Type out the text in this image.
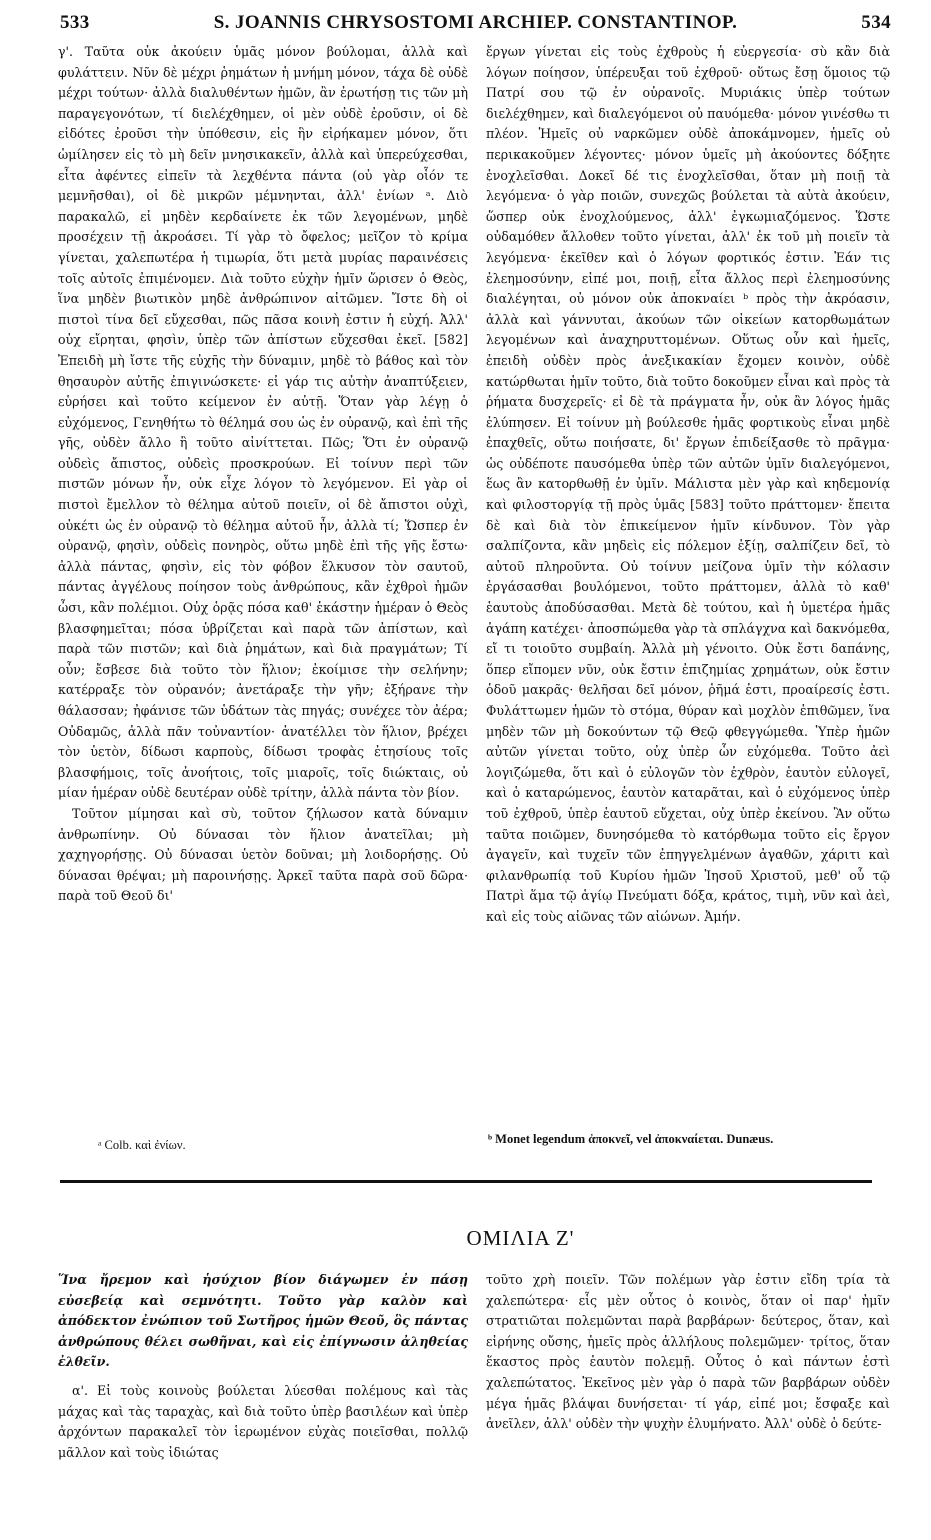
533	S. JOANNIS CHRYSOSTOMI ARCHIEP. CONSTANTINOP.	534

γ'. Ταῦτα οὐκ ἀκούειν ὑμᾶς μόνον βούλομαι, ἀλλὰ καὶ φυλάττειν. Νῦν δὲ μέχρι ῥημάτων ἡ μνήμη μόνον, τάχα δὲ οὐδὲ μέχρι τούτων· ἀλλὰ διαλυθέντων ἡμῶν, ἂν ἐρωτήσῃ τις τῶν μὴ παραγεγονότων, τί διελέχθημεν, οἱ μὲν οὐδὲ ἐροῦσιν, οἱ δὲ εἰδότες ἐροῦσι τὴν ὑπόθεσιν, εἰς ἣν εἰρήκαμεν μόνον, ὅτι ὡμίλησεν εἰς τὸ μὴ δεῖν μνησικακεῖν, ἀλλὰ καὶ ὑπερεύχεσθαι, εἶτα ἀφέντες εἰπεῖν τὰ λεχθέντα πάντα (οὐ γὰρ οἷόν τε μεμνῆσθαι), οἱ δὲ μικρῶν μέμνηνται, ἀλλ' ἐνίων ᵃ. Διὸ παρακαλῶ, εἰ μηδὲν κερδαίνετε ἐκ τῶν λεγομένων, μηδὲ προσέχειν τῇ ἀκροάσει. Τί γὰρ τὸ ὄφελος; μεῖζον τὸ κρίμα γίνεται, χαλεπωτέρα ἡ τιμωρία, ὅτι μετὰ μυρίας παραινέσεις τοῖς αὐτοῖς ἐπιμένομεν. Διὰ τοῦτο εὐχὴν ἡμῖν ὥρισεν ὁ Θεὸς, ἵνα μηδὲν βιωτικὸν μηδὲ ἀνθρώπινον αἰτῶμεν. Ἴστε δὴ οἱ πιστοὶ τίνα δεῖ εὔχεσθαι, πῶς πᾶσα κοινὴ ἐστιν ἡ εὐχή. Ἀλλ' οὐχ εἴρηται, φησὶν, ὑπὲρ τῶν ἀπίστων εὔχεσθαι ἐκεῖ. [582] Ἐπειδὴ μὴ ἴστε τῆς εὐχῆς τὴν δύναμιν, μηδὲ τὸ βάθος καὶ τὸν θησαυρὸν αὐτῆς ἐπιγινώσκετε· εἰ γάρ τις αὐτὴν ἀναπτύξειεν, εὑρήσει καὶ τοῦτο κείμενον ἐν αὐτῇ. Ὅταν γὰρ λέγῃ ὁ εὐχόμενος, Γενηθήτω τὸ θέλημά σου ὡς ἐν οὐρανῷ, καὶ ἐπὶ τῆς γῆς, οὐδὲν ἄλλο ἢ τοῦτο αἰνίττεται. Πῶς; Ὅτι ἐν οὐρανῷ οὐδεὶς ἄπιστος, οὐδεὶς προσκρούων. Εἰ τοίνυν περὶ τῶν πιστῶν μόνων ἦν, οὐκ εἶχε λόγον τὸ λεγόμενον. Εἰ γὰρ οἱ πιστοὶ ἔμελλον τὸ θέλημα αὐτοῦ ποιεῖν, οἱ δὲ ἄπιστοι οὐχὶ, οὐκέτι ὡς ἐν οὐρανῷ τὸ θέλημα αὐτοῦ ἦν, ἀλλὰ τί; Ὥσπερ ἐν οὐρανῷ, φησὶν, οὐδεὶς πονηρὸς, οὕτω μηδὲ ἐπὶ τῆς γῆς ἔστω· ἀλλὰ πάντας, φησὶν, εἰς τὸν φόβον ἕλκυσον τὸν σαυτοῦ, πάντας ἀγγέλους ποίησον τοὺς ἀνθρώπους, κἂν ἐχθροὶ ἡμῶν ὦσι, κἂν πολέμιοι. Οὐχ ὁρᾷς πόσα καθ' ἑκάστην ἡμέραν ὁ Θεὸς βλασφημεῖται; πόσα ὑβρίζεται καὶ παρὰ τῶν ἀπίστων, καὶ παρὰ τῶν πιστῶν; καὶ διὰ ῥημάτων, καὶ διὰ πραγμάτων; Τί οὖν; ἔσβεσε διὰ τοῦτο τὸν ἥλιον; ἐκοίμισε τὴν σελήνην; κατέρραξε τὸν οὐρανόν; ἀνετάραξε τὴν γῆν; ἐξήρανε τὴν θάλασσαν; ἠφάνισε τῶν ὑδάτων τὰς πηγάς; συνέχεε τὸν ἀέρα; Οὐδαμῶς, ἀλλὰ πᾶν τοὐναντίον· ἀνατέλλει τὸν ἥλιον, βρέχει τὸν ὑετὸν, δίδωσι καρποὺς, δίδωσι τροφὰς ἐτησίους τοῖς βλασφήμοις, τοῖς ἀνοήτοις, τοῖς μιαροῖς, τοῖς διώκταις, οὐ μίαν ἡμέραν οὐδὲ δευτέραν οὐδὲ τρίτην, ἀλλὰ πάντα τὸν βίον.

Τοῦτον μίμησαι καὶ σὺ, τοῦτον ζήλωσον κατὰ δύναμιν ἀνθρωπίνην. Οὐ δύνασαι τὸν ἥλιον ἀνατεῖλαι; μὴ χαχηγορήσῃς. Οὐ δύνασαι ὑετὸν δοῦναι; μὴ λοιδορήσῃς. Οὐ δύνασαι θρέψαι; μὴ παροινήσῃς. Ἀρκεῖ ταῦτα παρὰ σοῦ δῶρα· παρὰ τοῦ Θεοῦ δι'

ἔργων γίνεται εἰς τοὺς ἐχθροὺς ἡ εὐεργεσία· σὺ κἂν διὰ λόγων ποίησον, ὑπέρευξαι τοῦ ἐχθροῦ· οὕτως ἔσῃ ὅμοιος τῷ Πατρί σου τῷ ἐν οὐρανοῖς. Μυριάκις ὑπὲρ τούτων διελέχθημεν, καὶ διαλεγόμενοι οὐ παυόμεθα· μόνον γινέσθω τι πλέον. Ἡμεῖς οὐ ναρκῶμεν οὐδὲ ἀποκάμνομεν, ἡμεῖς οὐ περικακοῦμεν λέγοντες· μόνον ὑμεῖς μὴ ἀκούοντες δόξητε ἐνοχλεῖσθαι. Δοκεῖ δέ τις ἐνοχλεῖσθαι, ὅταν μὴ ποιῇ τὰ λεγόμενα· ὁ γὰρ ποιῶν, συνεχῶς βούλεται τὰ αὐτὰ ἀκούειν, ὥσπερ οὐκ ἐνοχλούμενος, ἀλλ' ἐγκωμιαζόμενος. Ὥστε οὐδαμόθεν ἄλλοθεν τοῦτο γίνεται, ἀλλ' ἐκ τοῦ μὴ ποιεῖν τὰ λεγόμενα· ἐκεῖθεν καὶ ὁ λόγων φορτικός ἐστιν. Ἐάν τις ἐλεημοσύνην, εἰπέ μοι, ποιῇ, εἶτα ἄλλος περὶ ἐλεημοσύνης διαλέγηται, οὐ μόνον οὐκ ἀποκναίει ᵇ πρὸς τὴν ἀκρόασιν, ἀλλὰ καὶ γάννυται, ἀκούων τῶν οἰκείων κατορθωμάτων λεγομένων καὶ ἀναχηρυττομένων. Οὕτως οὖν καὶ ἡμεῖς, ἐπειδὴ οὐδὲν πρὸς ἀνεξικακίαν ἔχομεν κοινὸν, οὐδὲ κατώρθωται ἡμῖν τοῦτο, διὰ τοῦτο δοκοῦμεν εἶναι καὶ πρὸς τὰ ῥήματα δυσχερεῖς· εἰ δὲ τὰ πράγματα ἦν, οὐκ ἂν λόγος ἡμᾶς ἐλύπησεν. Εἰ τοίνυν μὴ βούλεσθε ἡμᾶς φορτικοὺς εἶναι μηδὲ ἐπαχθεῖς, οὕτω ποιήσατε, δι' ἔργων ἐπιδείξασθε τὸ πρᾶγμα· ὡς οὐδέποτε παυσόμεθα ὑπὲρ τῶν αὐτῶν ὑμῖν διαλεγόμενοι, ἕως ἂν κατορθωθῇ ἐν ὑμῖν. Μάλιστα μὲν γὰρ καὶ κηδεμονίᾳ καὶ φιλοστοργίᾳ τῇ πρὸς ὑμᾶς [583] τοῦτο πράττομεν· ἔπειτα δὲ καὶ διὰ τὸν ἐπικείμενον ἡμῖν κίνδυνον. Τὸν γὰρ σαλπίζοντα, κἂν μηδεὶς εἰς πόλεμον ἐξίῃ, σαλπίζειν δεῖ, τὸ αὐτοῦ πληροῦντα. Οὐ τοίνυν μείζονα ὑμῖν τὴν κόλασιν ἐργάσασθαι βουλόμενοι, τοῦτο πράττομεν, ἀλλὰ τὸ καθ' ἑαυτοὺς ἀποδύσασθαι. Μετὰ δὲ τούτου, καὶ ἡ ὑμετέρα ἡμᾶς ἀγάπη κατέχει· ἀποσπώμεθα γὰρ τὰ σπλάγχνα καὶ δακνόμεθα, εἴ τι τοιοῦτο συμβαίη. Ἀλλὰ μὴ γένοιτο. Οὐκ ἔστι δαπάνης, ὅπερ εἴπομεν νῦν, οὐκ ἔστιν ἐπιζημίας χρημάτων, οὐκ ἔστιν ὁδοῦ μακρᾶς· θελῆσαι δεῖ μόνον, ῥῆμά ἐστι, προαίρεσίς ἐστι. Φυλάττωμεν ἡμῶν τὸ στόμα, θύραν καὶ μοχλὸν ἐπιθῶμεν, ἵνα μηδὲν τῶν μὴ δοκούντων τῷ Θεῷ φθεγγώμεθα. Ὑπὲρ ἡμῶν αὐτῶν γίνεται τοῦτο, οὐχ ὑπὲρ ὧν εὐχόμεθα. Τοῦτο ἀεὶ λογιζώμεθα, ὅτι καὶ ὁ εὐλογῶν τὸν ἐχθρὸν, ἑαυτὸν εὐλογεῖ, καὶ ὁ καταρώμενος, ἑαυτὸν καταρᾶται, καὶ ὁ εὐχόμενος ὑπὲρ τοῦ ἐχθροῦ, ὑπὲρ ἑαυτοῦ εὔχεται, οὐχ ὑπὲρ ἐκείνου. Ἂν οὕτω ταῦτα ποιῶμεν, δυνησόμεθα τὸ κατόρθωμα τοῦτο εἰς ἔργον ἀγαγεῖν, καὶ τυχεῖν τῶν ἐπηγγελμένων ἀγαθῶν, χάριτι καὶ φιλανθρωπίᾳ τοῦ Κυρίου ἡμῶν Ἰησοῦ Χριστοῦ, μεθ' οὗ τῷ Πατρὶ ἅμα τῷ ἁγίῳ Πνεύματι δόξα, κράτος, τιμὴ, νῦν καὶ ἀεὶ, καὶ εἰς τοὺς αἰῶνας τῶν αἰώνων. Ἀμήν.

ᵃ Colb. καὶ ἐνίων.	ᵇ Monet legendum ἀποκνεῖ, vel ἀποκναίεται. Dunæus.
ΟΜΙΛΙΑ Ζ'

Ἵνα ἤρεμον καὶ ἡσύχιον βίον διάγωμεν ἐν πάσῃ εὐσεβείᾳ καὶ σεμνότητι. Τοῦτο γὰρ καλὸν καὶ ἀπόδεκτον ἐνώπιον τοῦ Σωτῆρος ἡμῶν Θεοῦ, ὃς πάντας ἀνθρώπους θέλει σωθῆναι, καὶ εἰς ἐπίγνωσιν ἀληθείας ἐλθεῖν.

α'. Εἰ τοὺς κοινοὺς βούλεται λύεσθαι πολέμους καὶ τὰς μάχας καὶ τὰς ταραχὰς, καὶ διὰ τοῦτο ὑπὲρ βασιλέων καὶ ὑπὲρ ἀρχόντων παρακαλεῖ τὸν ἱερωμένον εὐχὰς ποιεῖσθαι, πολλῷ μᾶλλον καὶ τοὺς ἰδιώτας

τοῦτο χρὴ ποιεῖν. Τῶν πολέμων γὰρ ἐστιν εἴδη τρία τὰ χαλεπώτερα· εἷς μὲν οὗτος ὁ κοινὸς, ὅταν οἱ παρ' ἡμῖν στρατιῶται πολεμῶνται παρὰ βαρβάρων· δεύτερος, ὅταν, καὶ εἰρήνης οὔσης, ἡμεῖς πρὸς ἀλλήλους πολεμῶμεν· τρίτος, ὅταν ἕκαστος πρὸς ἑαυτὸν πολεμῇ. Οὗτος ὁ καὶ πάντων ἐστὶ χαλεπώτατος. Ἐκεῖνος μὲν γὰρ ὁ παρὰ τῶν βαρβάρων οὐδὲν μέγα ἡμᾶς βλάψαι δυνήσεται· τί γάρ, εἰπέ μοι; ἔσφαξε καὶ ἀνεῖλεν, ἀλλ' οὐδὲν τὴν ψυχὴν ἐλυμήνατο. Ἀλλ' οὐδὲ ὁ δεύτε-
